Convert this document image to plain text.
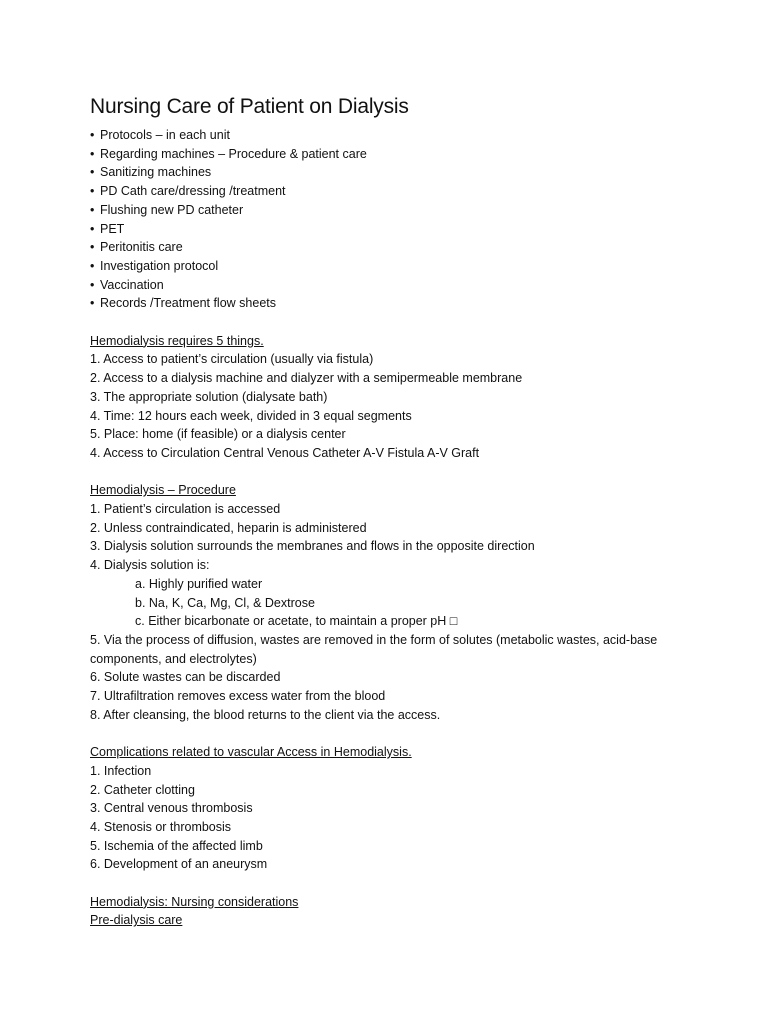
Nursing Care of Patient on Dialysis
• Protocols – in each unit
• Regarding machines – Procedure & patient care
• Sanitizing machines
• PD Cath care/dressing /treatment
• Flushing new PD catheter
• PET
• Peritonitis care
• Investigation protocol
• Vaccination
• Records /Treatment flow sheets
Hemodialysis requires 5 things.
1. Access to patient’s circulation (usually via fistula)
2. Access to a dialysis machine and dialyzer with a semipermeable membrane
3. The appropriate solution (dialysate bath)
4. Time: 12 hours each week, divided in 3 equal segments
5. Place: home (if feasible) or a dialysis center
4. Access to Circulation Central Venous Catheter A-V Fistula A-V Graft
Hemodialysis – Procedure
1. Patient’s circulation is accessed
2. Unless contraindicated, heparin is administered
3. Dialysis solution surrounds the membranes and flows in the opposite direction
4. Dialysis solution is:
a. Highly purified water
b. Na, K, Ca, Mg, Cl, & Dextrose
c. Either bicarbonate or acetate, to maintain a proper pH □
5. Via the process of diffusion, wastes are removed in the form of solutes (metabolic wastes, acid-base components, and electrolytes)
6. Solute wastes can be discarded
7. Ultrafiltration removes excess water from the blood
8. After cleansing, the blood returns to the client via the access.
Complications related to vascular Access in Hemodialysis.
1. Infection
2. Catheter clotting
3. Central venous thrombosis
4. Stenosis or thrombosis
5. Ischemia of the affected limb
6. Development of an aneurysm
Hemodialysis: Nursing considerations
Pre-dialysis care
